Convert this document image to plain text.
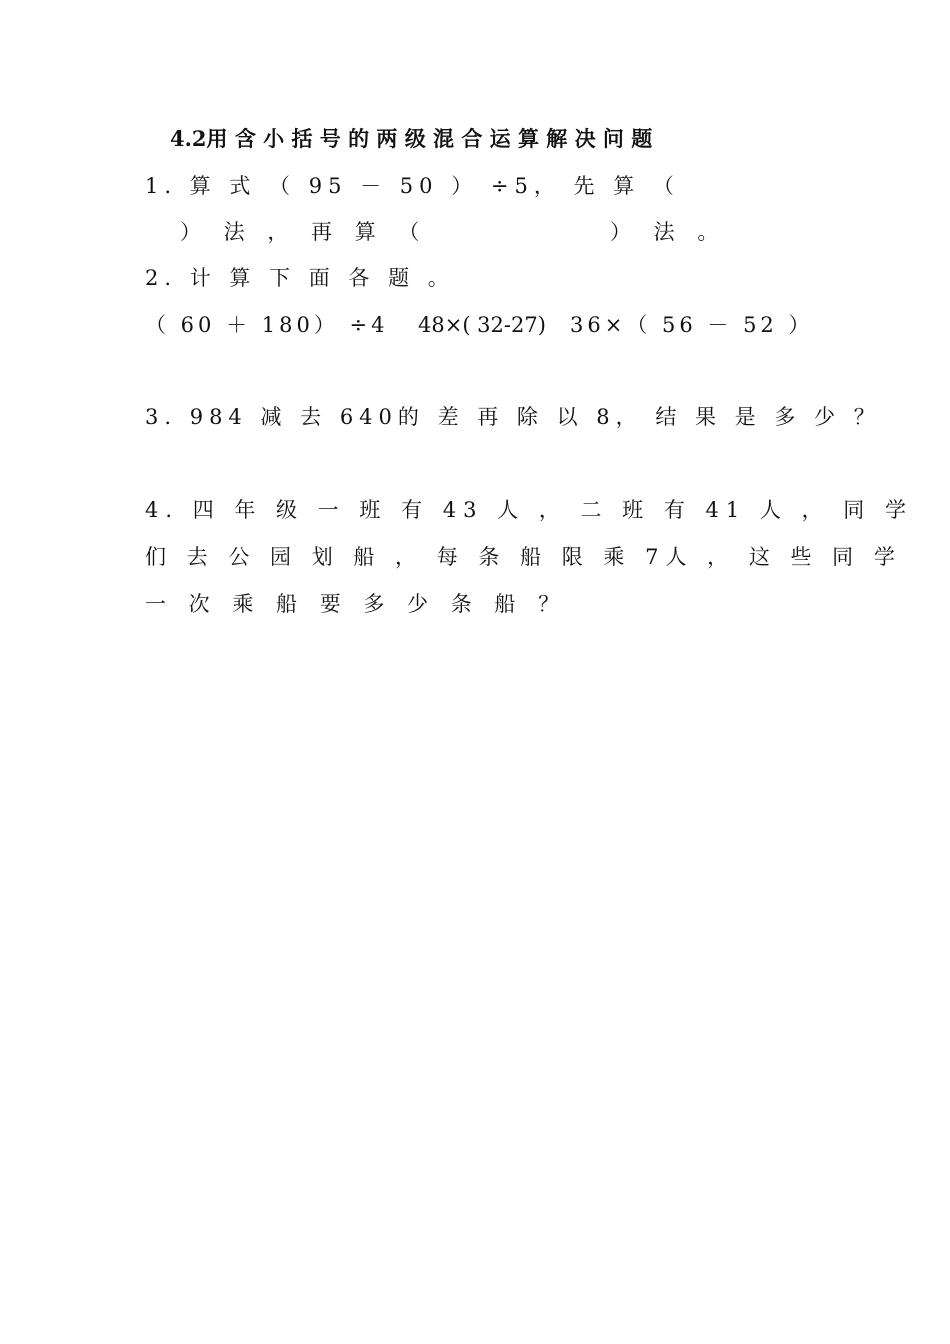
4.2用 含 小 括 号 的 两 级 混 合 运 算 解 决 问 题
1. 算 式 （ 95 － 50 ） ÷5， 先 算 （
） 法 ， 再 算 （	） 法 。
2. 计 算 下 面 各 题 。
（ 60 ＋ 180） ÷4 48×( 32-27) 36×（ 56 － 52 ）
3. 984 减 去 640的 差 再 除 以 8， 结 果 是 多 少 ？
4. 四 年 级 一 班 有 43 人 ， 二 班 有 41 人 ， 同 学
们 去 公 园 划 船 ， 每 条 船 限 乘 7人 ， 这 些 同 学
一 次 乘 船 要 多 少 条 船 ？
